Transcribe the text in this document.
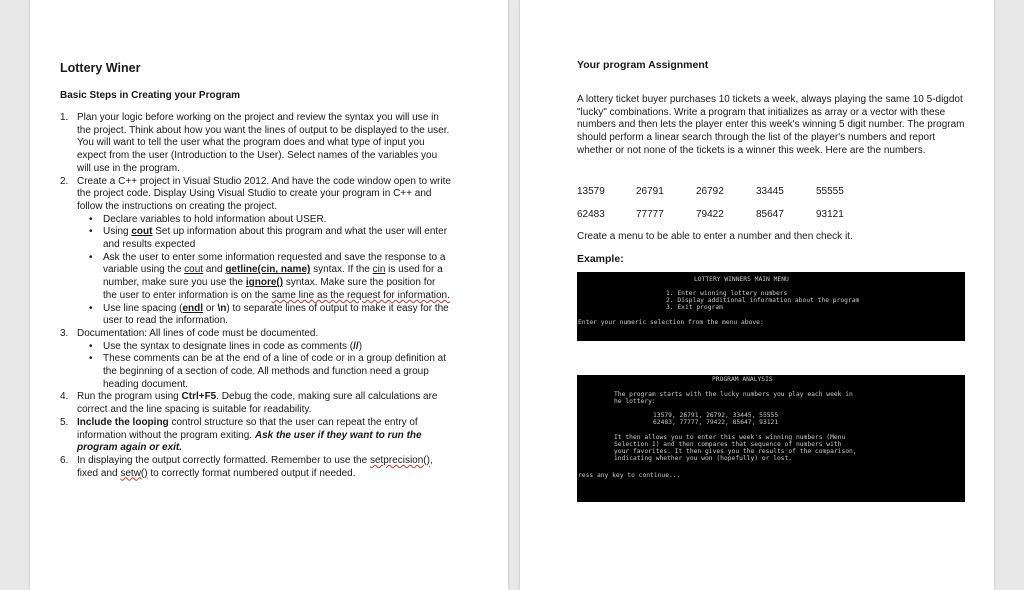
Lottery Winer
Basic Steps in Creating your Program
1. Plan your logic before working on the project and review the syntax you will use in the project. Think about how you want the lines of output to be displayed to the user. You will want to tell the user what the program does and what type of input you expect from the user (Introduction to the User). Select names of the variables you will use in the program.
2. Create a C++ project in Visual Studio 2012. And have the code window open to write the project code. Display Using Visual Studio to create your program in C++ and follow the instructions on creating the project.
• Declare variables to hold information about USER.
• Using cout Set up information about this program and what the user will enter and results expected
• Ask the user to enter some information requested and save the response to a variable using the cout and getline(cin, name) syntax. If the cin is used for a number, make sure you use the ignore() syntax. Make sure the position for the user to enter information is on the same line as the request for information.
• Use line spacing (endl or \n) to separate lines of output to make it easy for the user to read the information.
3. Documentation: All lines of code must be documented.
• Use the syntax to designate lines in code as comments (//)
• These comments can be at the end of a line of code or in a group definition at the beginning of a section of code. All methods and function need a group heading document.
4. Run the program using Ctrl+F5. Debug the code, making sure all calculations are correct and the line spacing is suitable for readability.
5. Include the looping control structure so that the user can repeat the entry of information without the program exiting. Ask the user if they want to run the program again or exit.
6. In displaying the output correctly formatted. Remember to use the setprecision(), fixed and setw() to correctly format numbered output if needed.
Your program Assignment
A lottery ticket buyer purchases 10 tickets a week, always playing the same 10 5-digdot "lucky" combinations. Write a program that initializes as array or a vector with these numbers and then lets the player enter this week's winning 5 digit number. The program should perform a linear search through the list of the player's numbers and report whether or not none of the tickets is a winner this week. Here are the numbers.
13579	26791	26792	33445	55555
62483	77777	79422	85647	93121
Create a menu to be able to enter a number and then check it.
Example:
LOTTERY WINNERS MAIN MENU
1. Enter winning lottery numbers
2. Display additional information about the program
3. Exit program
Enter your numeric selection from the menu above:
PROGRAM ANALYSIS
The program starts with the lucky numbers you play each week in
he lottery:
13579, 26791, 26792, 33445, 55555
62483, 77777, 79422, 85647, 93121
It then allows you to enter this week's winning numbers (Menu
Selection 1) and then compares that sequence of numbers with
your favorites. It then gives you the results of the comparison,
indicating whether you won (hopefully) or lost.
ress any key to continue...
